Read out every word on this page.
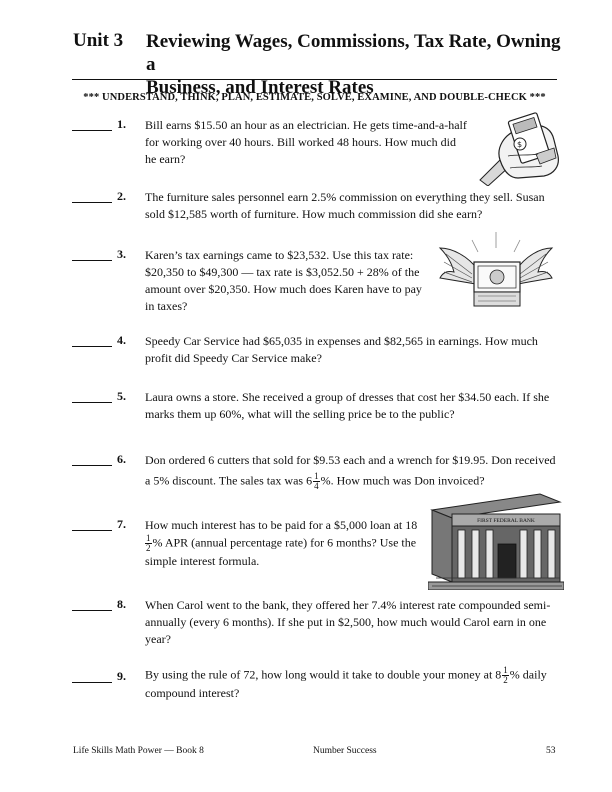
Unit 3 Reviewing Wages, Commissions, Tax Rate, Owning a
Business, and Interest Rates
*** UNDERSTAND, THINK, PLAN, ESTIMATE, SOLVE, EXAMINE, AND DOUBLE-CHECK ***
1. Bill earns $15.50 an hour as an electrician. He gets time-and-a-half
for working over 40 hours. Bill worked 48 hours. How much did
he earn?
2. The furniture sales personnel earn 2.5% commission on everything they sell. Susan
sold $12,585 worth of furniture. How much commission did she earn?
3. Karen’s tax earnings came to $23,532. Use this tax rate:
$20,350 to $49,300 — tax rate is $3,052.50 + 28% of the
amount over $20,350. How much does Karen have to pay
in taxes?
4. Speedy Car Service had $65,035 in expenses and $82,565 in earnings. How much
profit did Speedy Car Service make?
5. Laura owns a store. She received a group of dresses that cost her $34.50 each. If she
marks them up 60%, what will the selling price be to the public?
6. Don ordered 6 cutters that sold for $9.53 each and a wrench for $19.95. Don received
a 5% discount. The sales tax was $6 \frac{1}{4}$ %. How much was Don invoiced?
7. How much interest has to be paid for a $5,000 loan at 18
$\frac{1}{2}$ % APR (annual percentage rate) for 6 months? Use the
simple interest formula.
8. When Carol went to the bank, they offered her 7.4% interest rate compounded semi-
annually (every 6 months). If she put in $2,500, how much would Carol earn in one
year?
9. By using the rule of 72, how long would it take to double your money at $8 \frac{1}{2}$ % daily
compound interest?
$
FIRST FEDERAL BANK
Life Skills Math Power — Book 8	Number Success	53
